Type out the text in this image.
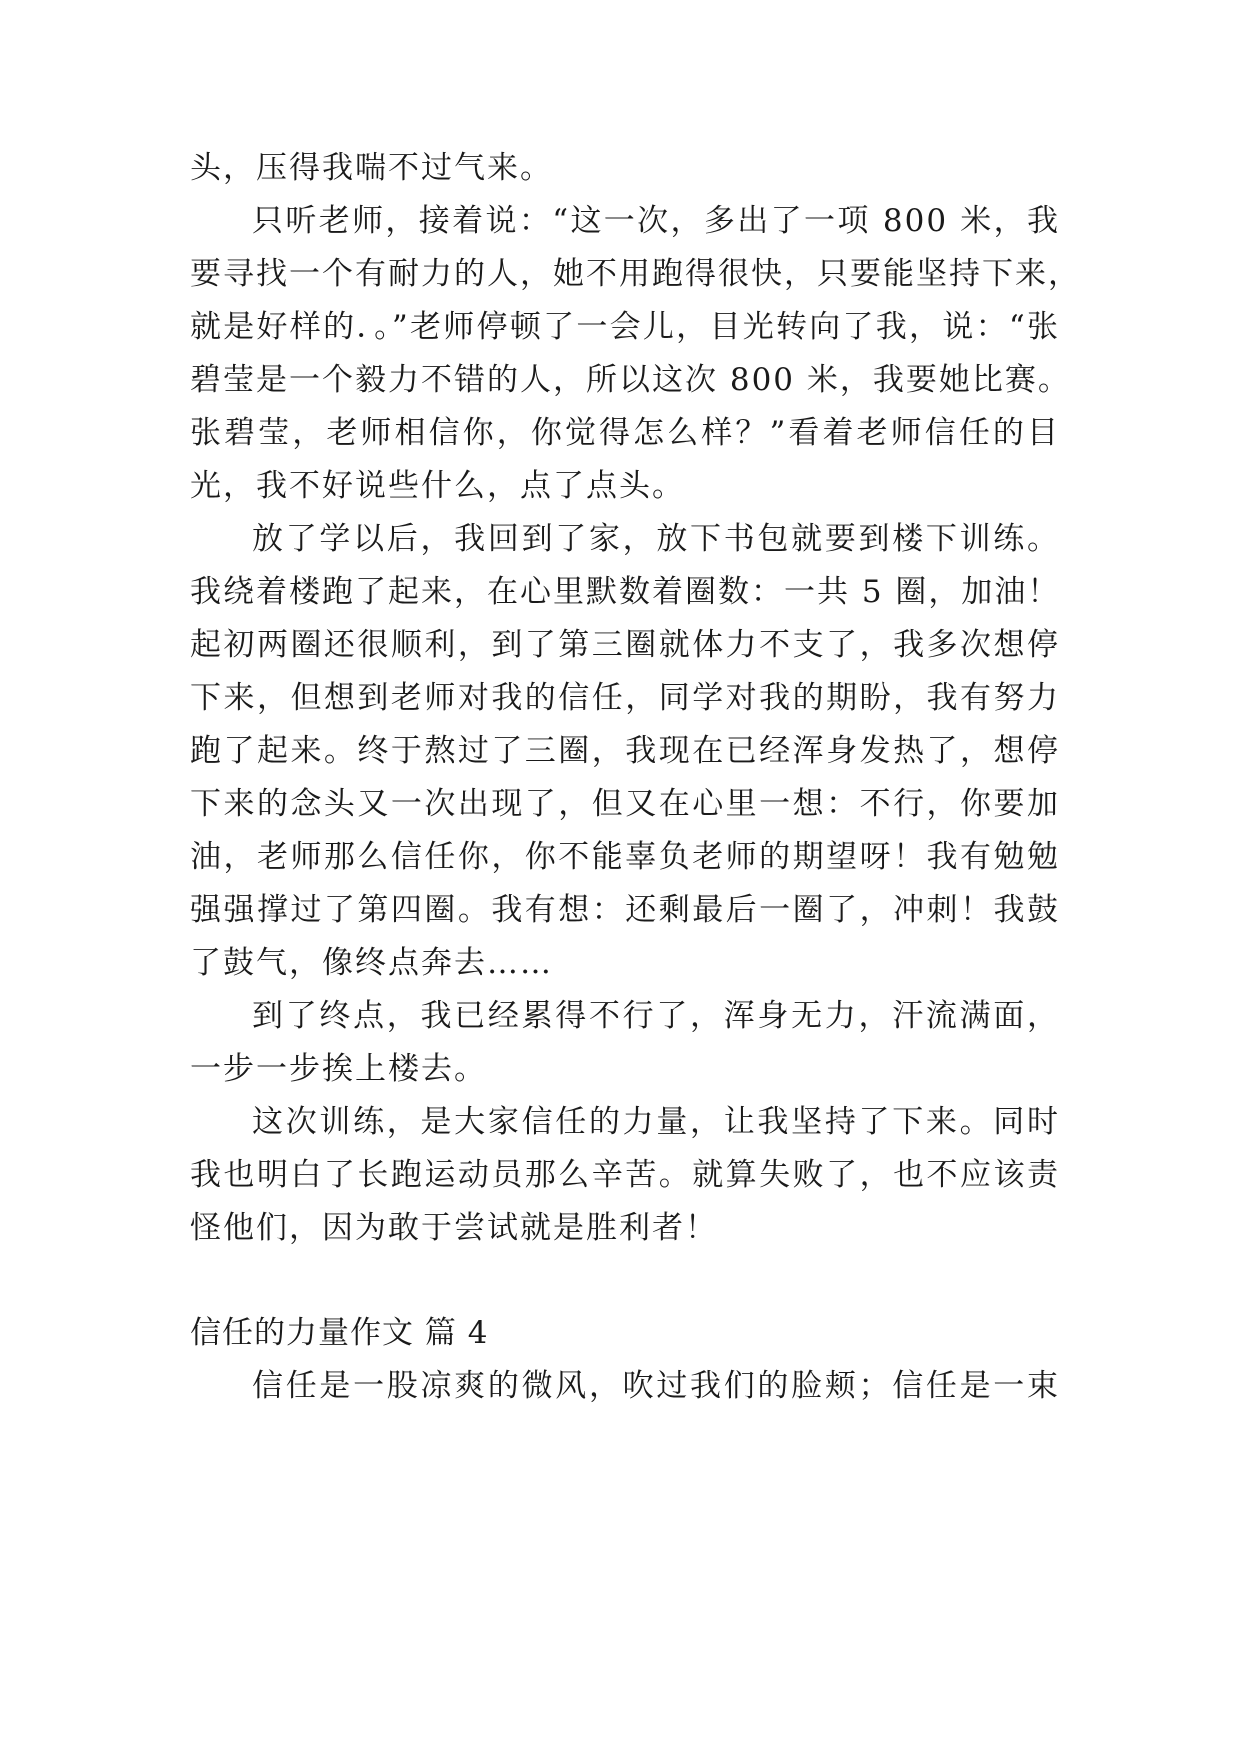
头，压得我喘不过气来。
只听老师，接着说：“这一次，多出了一项 800 米，我
要寻找一个有耐力的人，她不用跑得很快，只要能坚持下来，
就是好样的．。”老师停顿了一会儿，目光转向了我，说：“张
碧莹是一个毅力不错的人，所以这次 800 米，我要她比赛。
张碧莹，老师相信你，你觉得怎么样？”看着老师信任的目
光，我不好说些什么，点了点头。
放了学以后，我回到了家，放下书包就要到楼下训练。
我绕着楼跑了起来，在心里默数着圈数：一共 5 圈，加油！
起初两圈还很顺利，到了第三圈就体力不支了，我多次想停
下来，但想到老师对我的信任，同学对我的期盼，我有努力
跑了起来。终于熬过了三圈，我现在已经浑身发热了，想停
下来的念头又一次出现了，但又在心里一想：不行，你要加
油，老师那么信任你，你不能辜负老师的期望呀！我有勉勉
强强撑过了第四圈。我有想：还剩最后一圈了，冲刺！我鼓
了鼓气，像终点奔去……
到了终点，我已经累得不行了，浑身无力，汗流满面，
一步一步挨上楼去。
这次训练，是大家信任的力量，让我坚持了下来。同时
我也明白了长跑运动员那么辛苦。就算失败了，也不应该责
怪他们，因为敢于尝试就是胜利者！
信任的力量作文 篇 4
信任是一股凉爽的微风，吹过我们的脸颊；信任是一束
